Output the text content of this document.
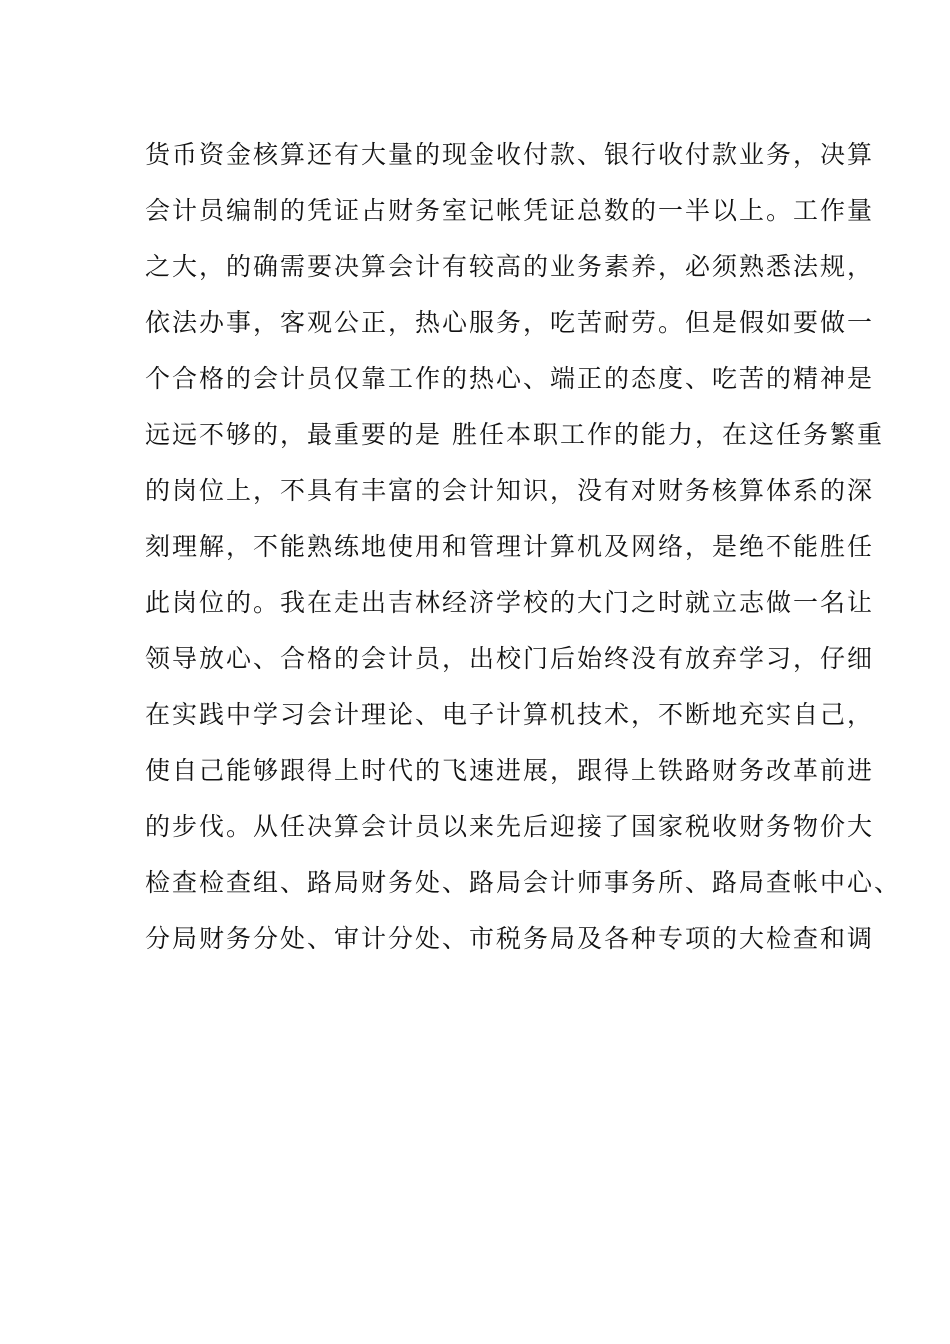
货币资金核算还有大量的现金收付款、银行收付款业务，决算
会计员编制的凭证占财务室记帐凭证总数的一半以上。工作量
之大，的确需要决算会计有较高的业务素养，必须熟悉法规，
依法办事，客观公正，热心服务，吃苦耐劳。但是假如要做一
个合格的会计员仅靠工作的热心、端正的态度、吃苦的精神是
远远不够的，最重要的是 胜任本职工作的能力，在这任务繁重
的岗位上，不具有丰富的会计知识，没有对财务核算体系的深
刻理解，不能熟练地使用和管理计算机及网络，是绝不能胜任
此岗位的。我在走出吉林经济学校的大门之时就立志做一名让
领导放心、合格的会计员，出校门后始终没有放弃学习，仔细
在实践中学习会计理论、电子计算机技术，不断地充实自己，
使自己能够跟得上时代的飞速进展，跟得上铁路财务改革前进
的步伐。从任决算会计员以来先后迎接了国家税收财务物价大
检查检查组、路局财务处、路局会计师事务所、路局查帐中心、
分局财务分处、审计分处、市税务局及各种专项的大检查和调
